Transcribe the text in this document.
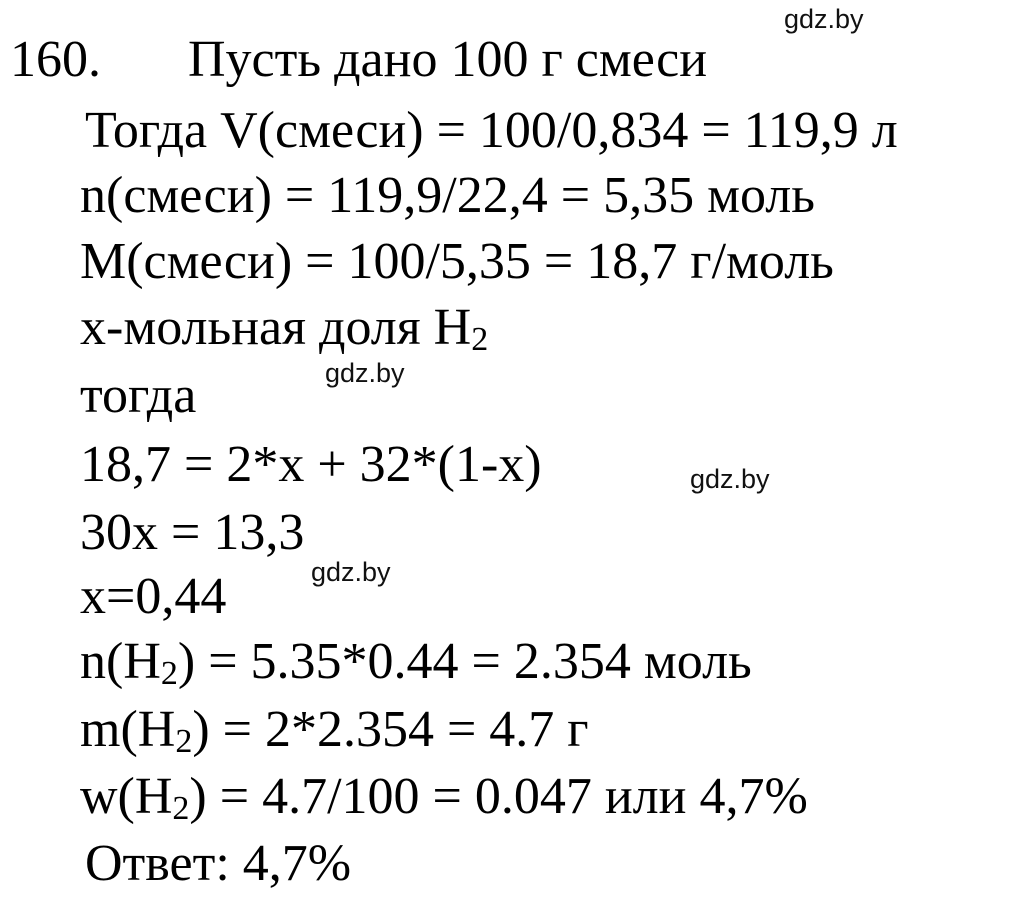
160. Пусть дано 100 г смеси
Тогда V(смеси) = 100/0,834 = 119,9 л
n(смеси) = 119,9/22,4 = 5,35 моль
M(смеси) = 100/5,35 = 18,7 г/моль
х-мольная доля $H_2$
тогда
18,7 = 2*x + 32*(1-x)
30x = 13,3
x=0,44
$n(H_2) = 5.35*0.44 = 2.354$ моль
$m(H_2) = 2*2.354 = 4.7$ г
$w(H_2) = 4.7/100 = 0.047$ или 4,7%
Ответ: 4,7%
gdz.by
gdz.by
gdz.by
gdz.by
